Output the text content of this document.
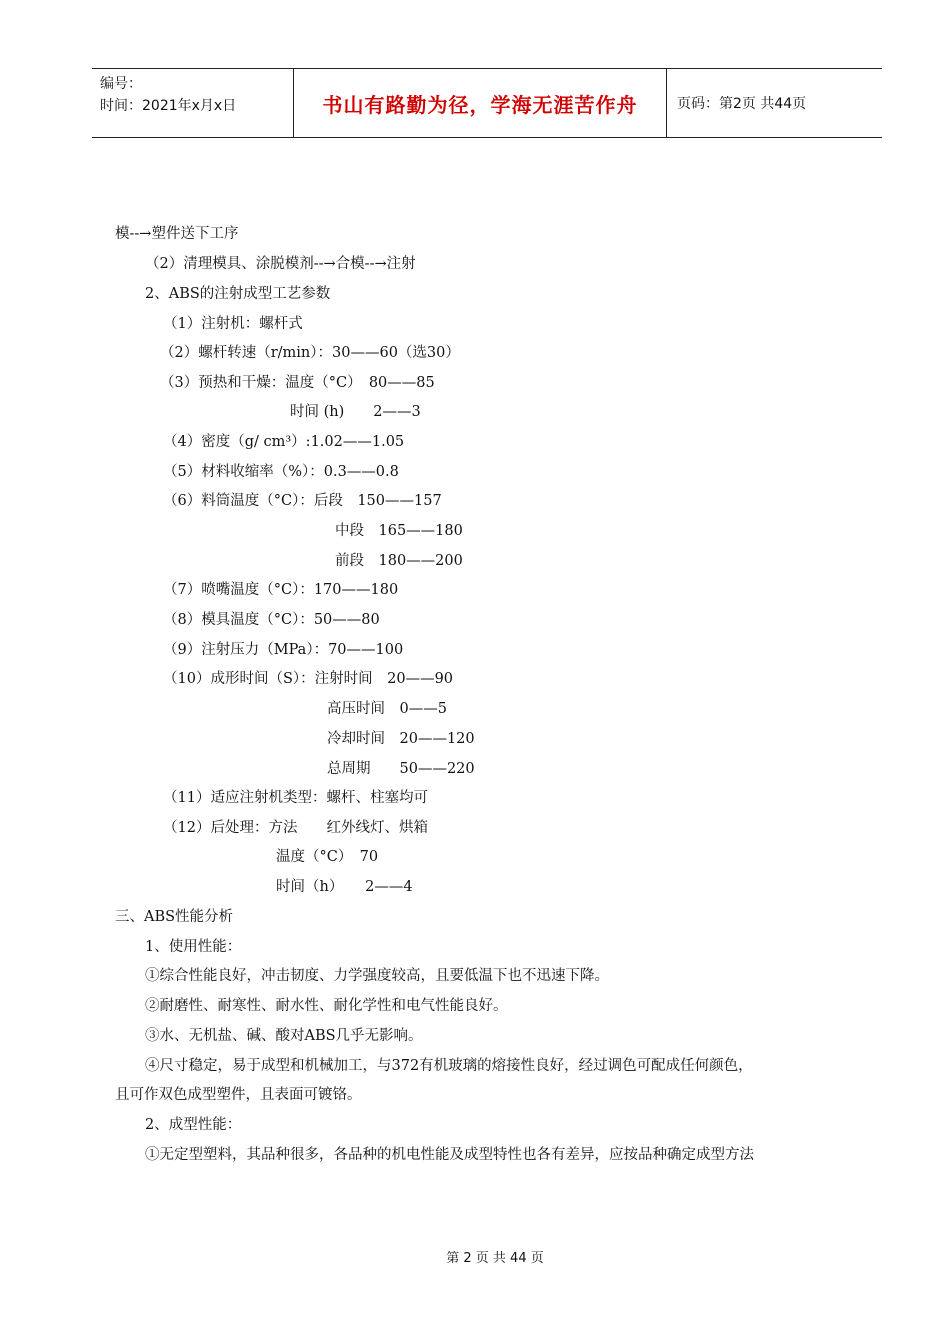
编号：
时间：2021年x月x日	书山有路勤为径，学海无涯苦作舟	页码：第2页 共44页
模--→塑件送下工序
（2）清理模具、涂脱模剂--→合模--→注射
2、ABS的注射成型工艺参数
（1）注射机：螺杆式
（2）螺杆转速（r/min）：30——60（选30）
（3）预热和干燥：温度（°C）　80——85
时间 (h)　　2——3
（4）密度（g/ cm³）:1.02——1.05
（5）材料收缩率（%）：0.3——0.8
（6）料筒温度（°C）：后段　150——157
中段　165——180
前段　180——200
（7）喷嘴温度（°C）：170——180
（8）模具温度（°C）：50——80
（9）注射压力（MPa）：70——100
（10）成形时间（S）：注射时间　20——90
高压时间　0——5
冷却时间　20——120
总周期　　50——220
（11）适应注射机类型：螺杆、柱塞均可
（12）后处理：方法　　红外线灯、烘箱
温度（°C）　70
时间（h）　　2——4
三、ABS性能分析
1、使用性能：
①综合性能良好，冲击韧度、力学强度较高，且要低温下也不迅速下降。
②耐磨性、耐寒性、耐水性、耐化学性和电气性能良好。
③水、无机盐、碱、酸对ABS几乎无影响。
④尺寸稳定，易于成型和机械加工，与372有机玻璃的熔接性良好，经过调色可配成任何颜色，
且可作双色成型塑件，且表面可镀铬。
2、成型性能：
①无定型塑料，其品种很多，各品种的机电性能及成型特性也各有差异，应按品种确定成型方法
第 2 页 共 44 页
